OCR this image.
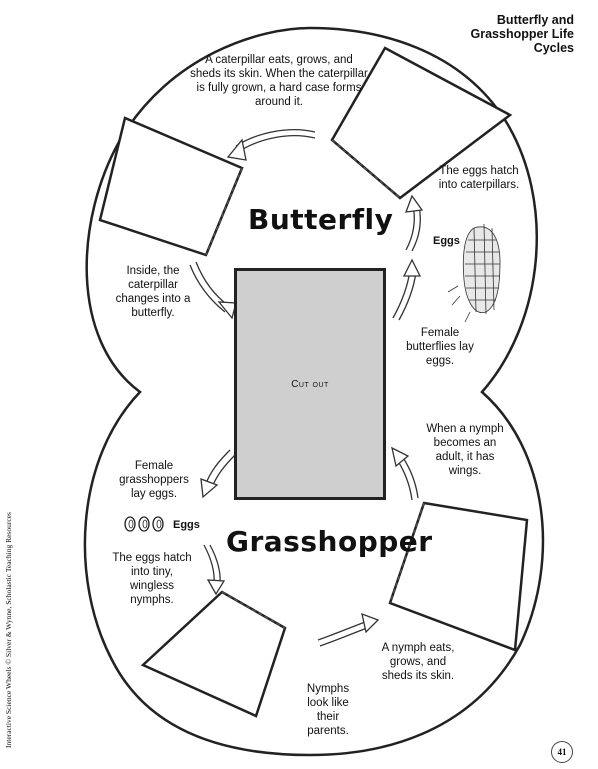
Butterfly and Grasshopper Life Cycles
A caterpillar eats, grows, and sheds its skin. When the caterpillar is fully grown, a hard case forms around it.
The eggs hatch into caterpillars.
Eggs
Female butterflies lay eggs.
Inside, the caterpillar changes into a butterfly.
Butterfly
Cut out
Female grasshoppers lay eggs.
Eggs
The eggs hatch into tiny, wingless nymphs.
Nymphs look like their parents.
A nymph eats, grows, and sheds its skin.
When a nymph becomes an adult, it has wings.
Grasshopper
Interactive Science Wheels © Silver & Wynne, Scholastic Teaching Resources
41
